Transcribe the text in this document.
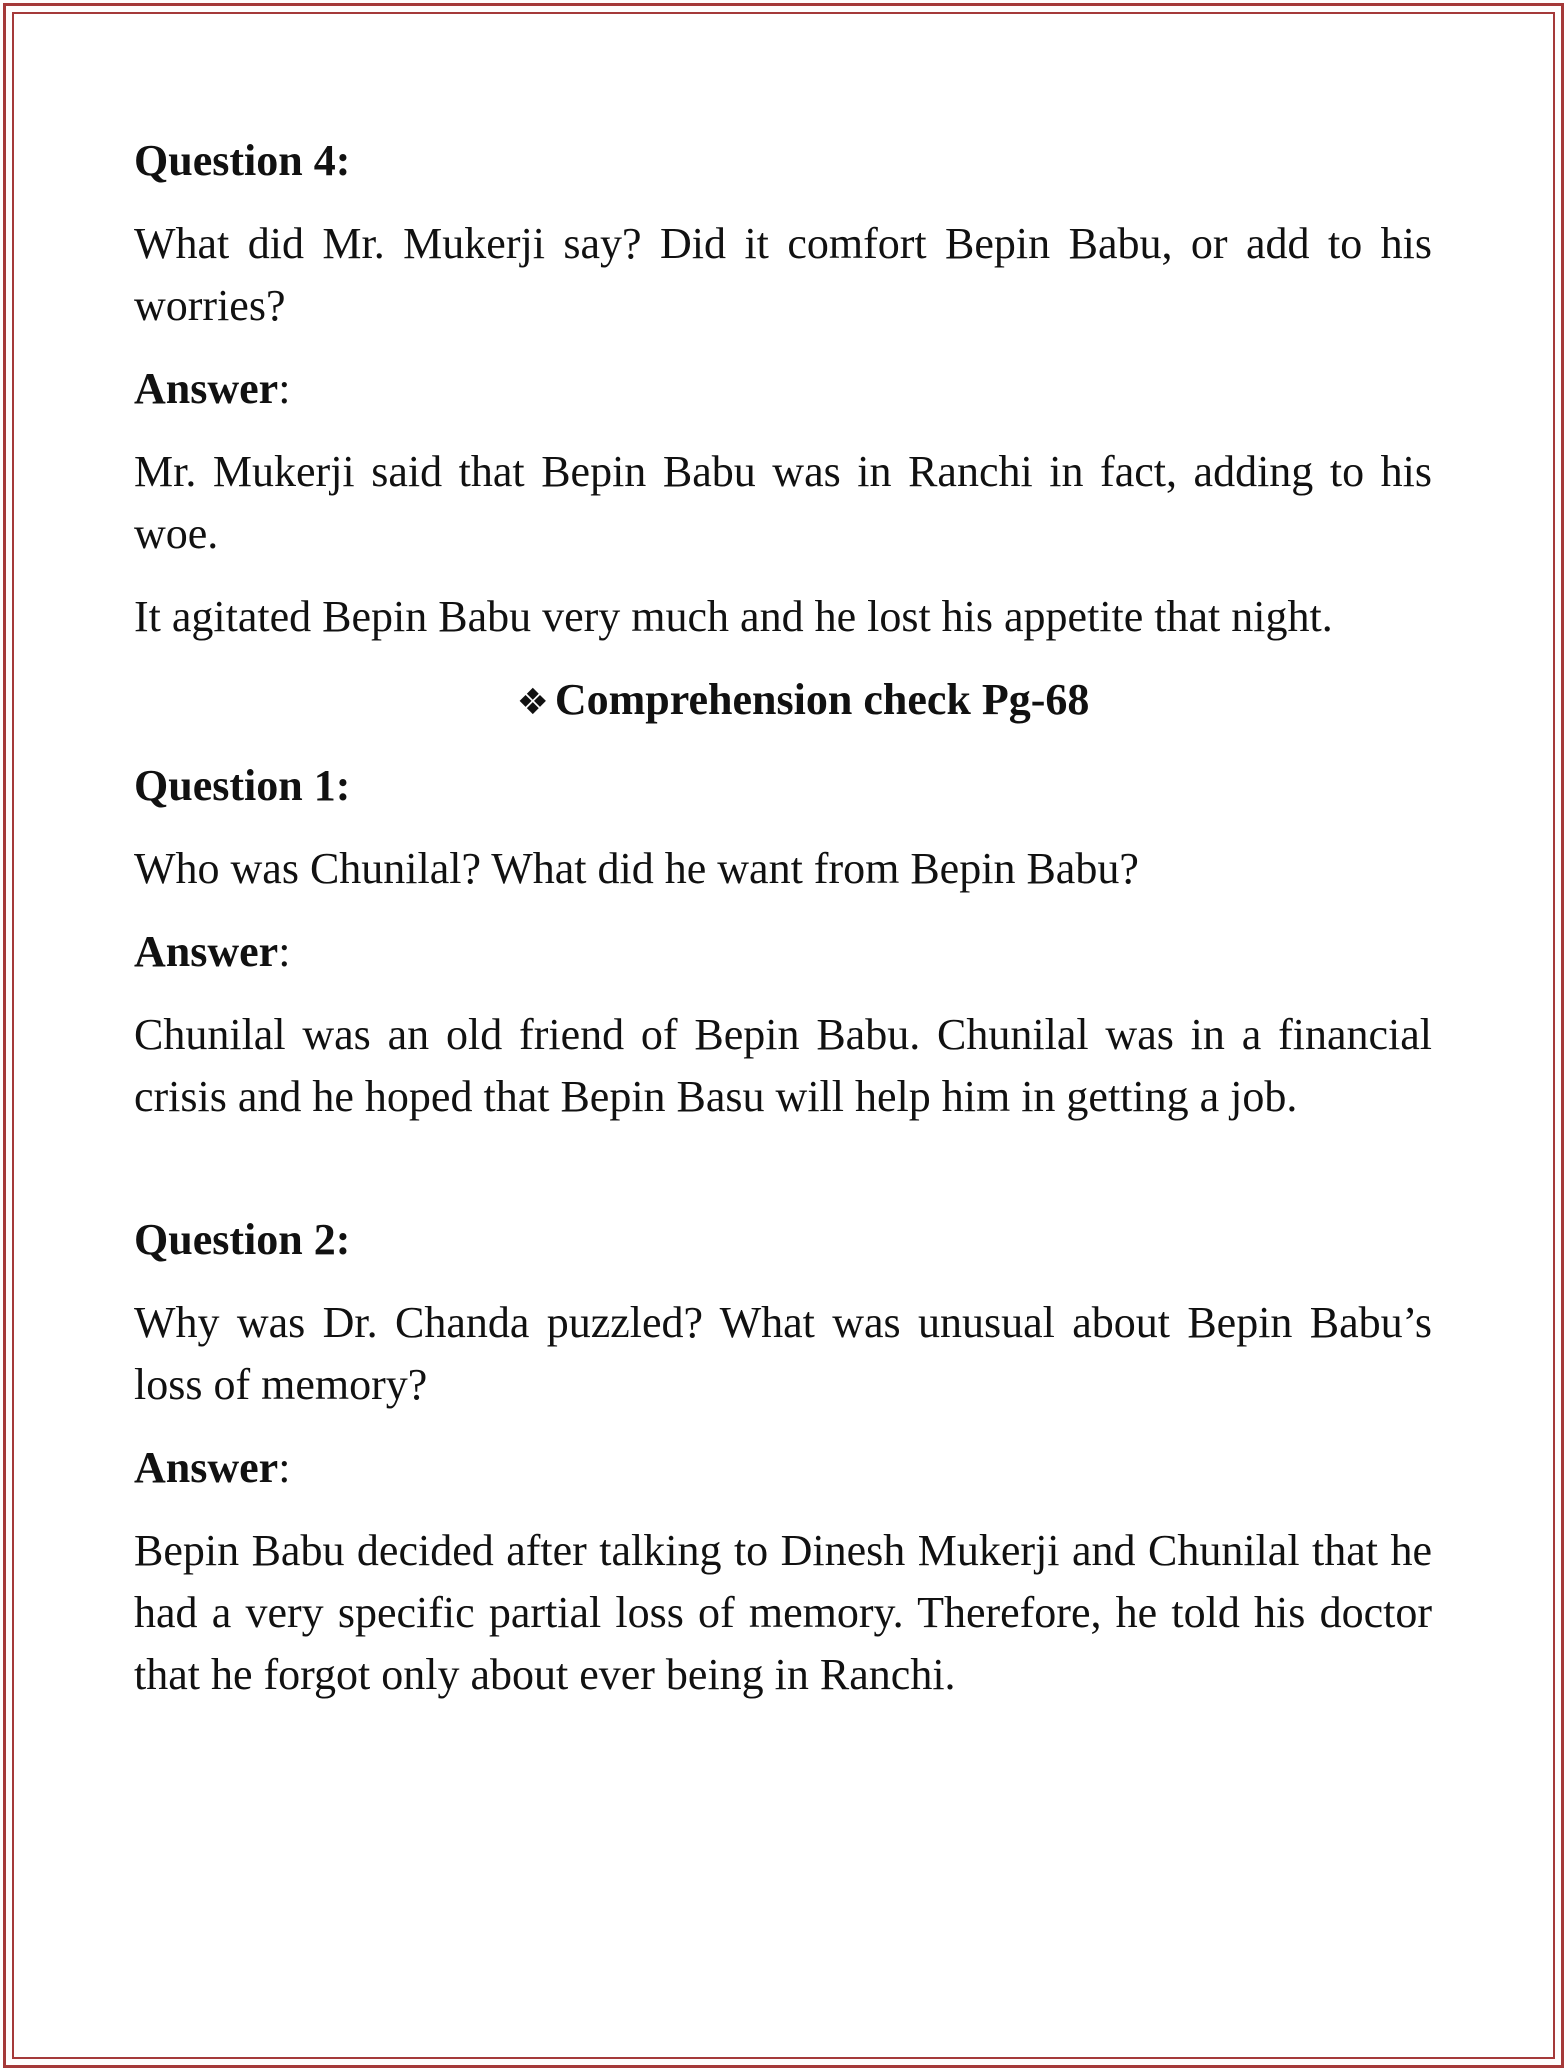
Question 4:
What did Mr. Mukerji say? Did it comfort Bepin Babu, or add to his worries?
Answer:
Mr. Mukerji said that Bepin Babu was in Ranchi in fact, adding to his woe.
It agitated Bepin Babu very much and he lost his appetite that night.
❖ Comprehension check Pg-68
Question 1:
Who was Chunilal? What did he want from Bepin Babu?
Answer:
Chunilal was an old friend of Bepin Babu. Chunilal was in a financial crisis and he hoped that Bepin Basu will help him in getting a job.
Question 2:
Why was Dr. Chanda puzzled? What was unusual about Bepin Babu’s loss of memory?
Answer:
Bepin Babu decided after talking to Dinesh Mukerji and Chunilal that he had a very specific partial loss of memory. Therefore, he told his doctor that he forgot only about ever being in Ranchi.
